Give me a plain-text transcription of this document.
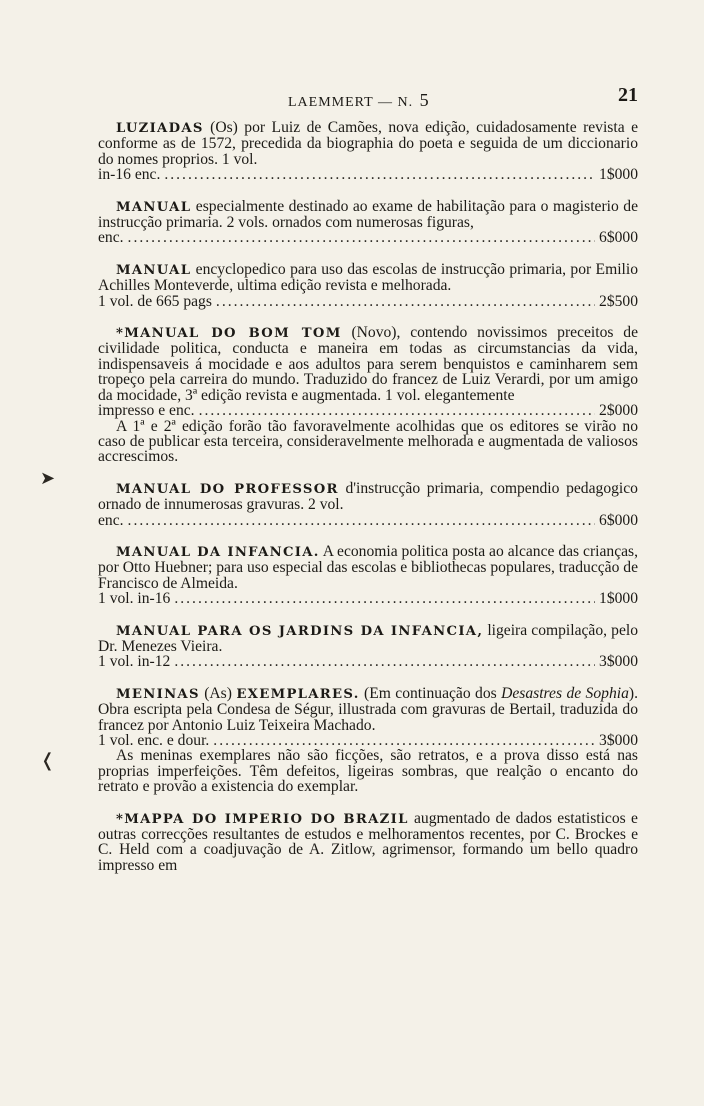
➤
❬
LAEMMERT — N. 5	21

LUZIADAS (Os) por Luiz de Camões, nova edição, cuidadosamente revista e conforme as de 1572, precedida da biographia do poeta e seguida de um diccionario do nomes proprios. 1 vol.

in-16 enc. .....	1$000

MANUAL especialmente destinado ao exame de habilitação para o magisterio de instrucção primaria. 2 vols. ornados com numerosas figuras,

enc. .....	6$000

MANUAL encyclopedico para uso das escolas de instrucção primaria, por Emilio Achilles Monteverde, ultima edição revista e melhorada.

1 vol. de 665 pags .....	2$500

*MANUAL DO BOM TOM (Novo), contendo novissimos preceitos de civilidade politica, conducta e maneira em todas as circumstancias da vida, indispensaveis á mocidade e aos adultos para serem benquistos e caminharem sem tropeço pela carreira do mundo. Traduzido do francez de Luiz Verardi, por um amigo da mocidade, 3ª edição revista e augmentada. 1 vol. elegantemente

impresso e enc. .....	2$000

A 1ª e 2ª edição forão tão favoravelmente acolhidas que os editores se virão no caso de publicar esta terceira, consideravelmente melhorada e augmentada de valiosos accrescimos.

MANUAL DO PROFESSOR d'instrucção primaria, compendio pedagogico ornado de innumerosas gravuras. 2 vol.

enc. .....	6$000

MANUAL DA INFANCIA. A economia politica posta ao alcance das crianças, por Otto Huebner; para uso especial das escolas e bibliothecas populares, traducção de Francisco de Almeida.

1 vol. in-16 .....	1$000

MANUAL PARA OS JARDINS DA INFANCIA, ligeira compilação, pelo Dr. Menezes Vieira.

1 vol. in-12 .....	3$000

MENINAS (As) EXEMPLARES. (Em continuação dos Desastres de Sophia). Obra escripta pela Condesa de Ségur, illustrada com gravuras de Bertail, traduzida do francez por Antonio Luiz Teixeira Machado.

1 vol. enc. e dour. .....	3$000

As meninas exemplares não são ficções, são retratos, e a prova disso está nas proprias imperfeições. Têm defeitos, ligeiras sombras, que realção o encanto do retrato e provão a existencia do exemplar.

*MAPPA DO IMPERIO DO BRAZIL augmentado de dados estatisticos e outras correcções resultantes de estudos e melhoramentos recentes, por C. Brockes e C. Held com a coadjuvação de A. Zitlow, agrimensor, formando um bello quadro impresso em
